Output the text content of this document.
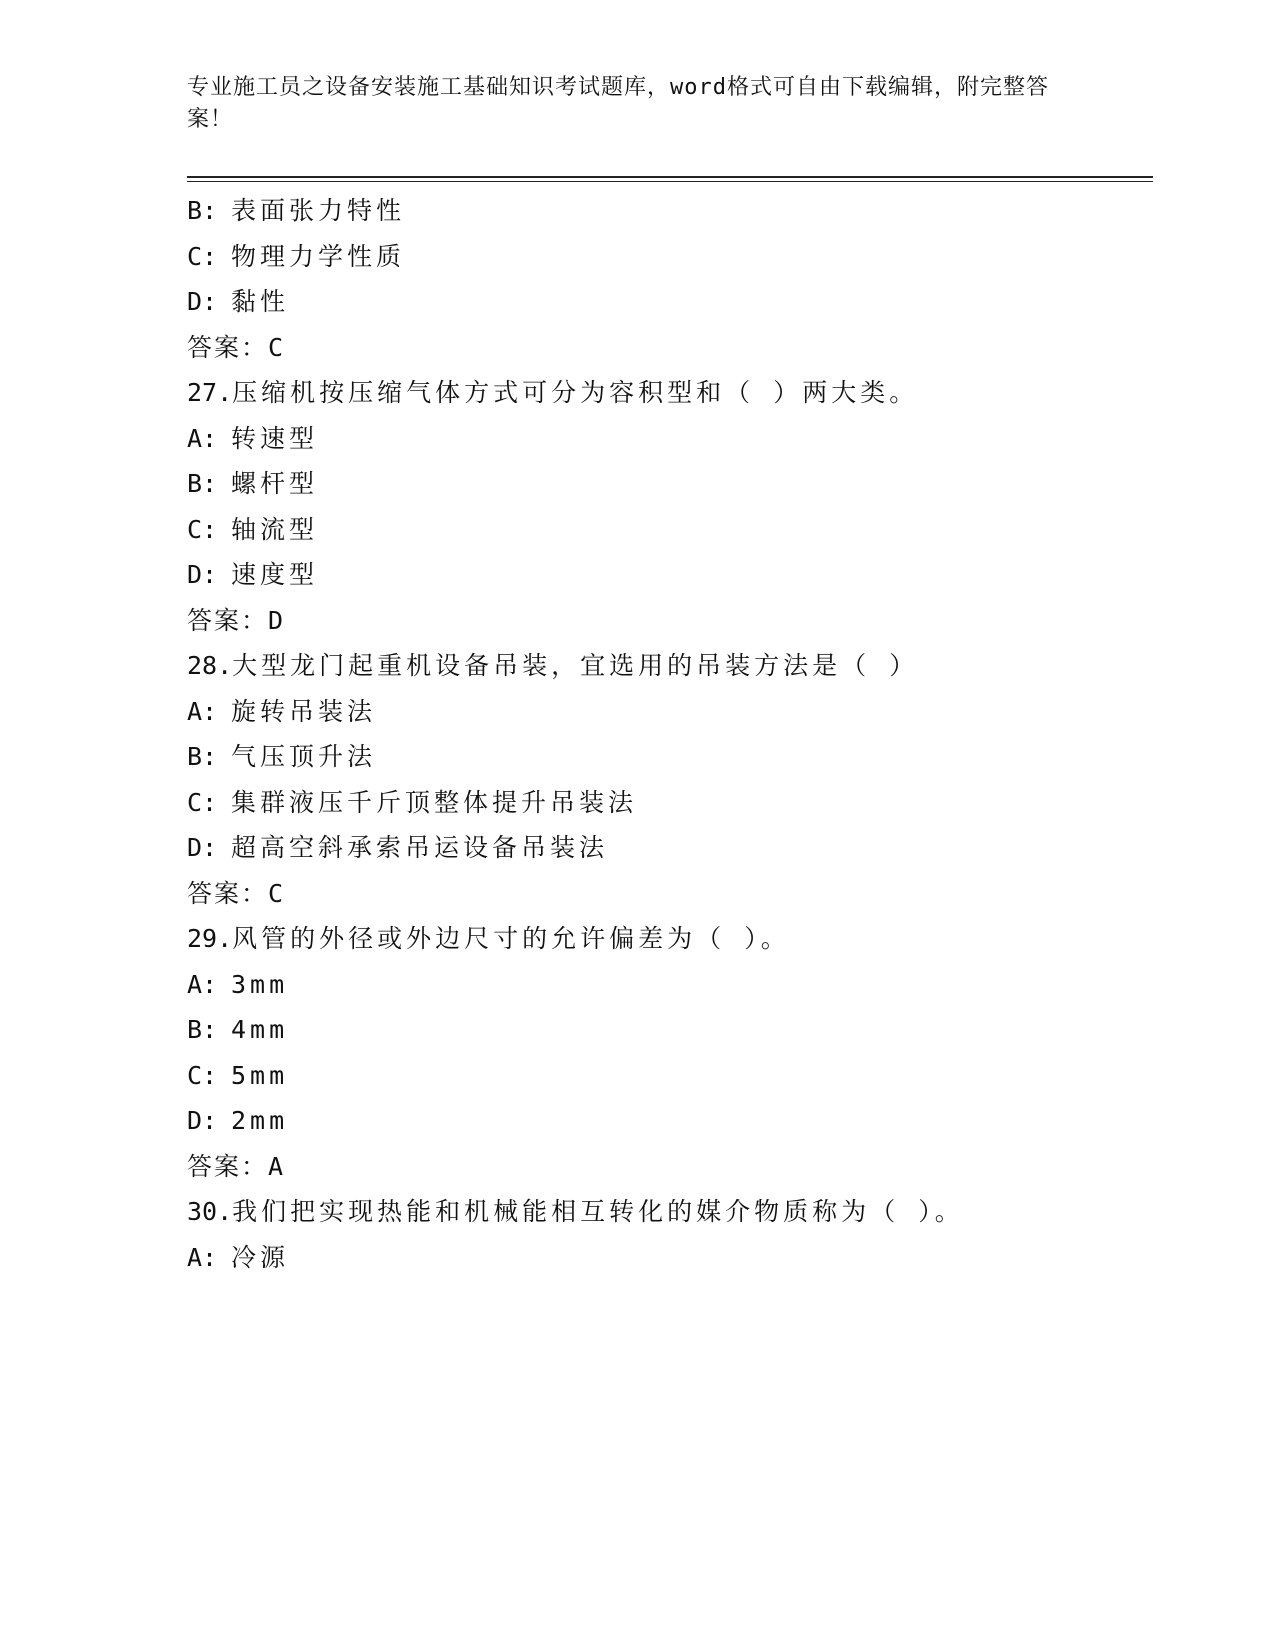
专业施工员之设备安装施工基础知识考试题库，word格式可自由下载编辑，附完整答案！
B: 表面张力特性
C: 物理力学性质
D: 黏性
答案：C
27.压缩机按压缩气体方式可分为容积型和（ ）两大类。
A: 转速型
B: 螺杆型
C: 轴流型
D: 速度型
答案：D
28.大型龙门起重机设备吊装，宜选用的吊装方法是（ ）
A: 旋转吊装法
B: 气压顶升法
C: 集群液压千斤顶整体提升吊装法
D: 超高空斜承索吊运设备吊装法
答案：C
29.风管的外径或外边尺寸的允许偏差为（ ）。
A: 3mm
B: 4mm
C: 5mm
D: 2mm
答案：A
30.我们把实现热能和机械能相互转化的媒介物质称为（ ）。
A: 冷源
